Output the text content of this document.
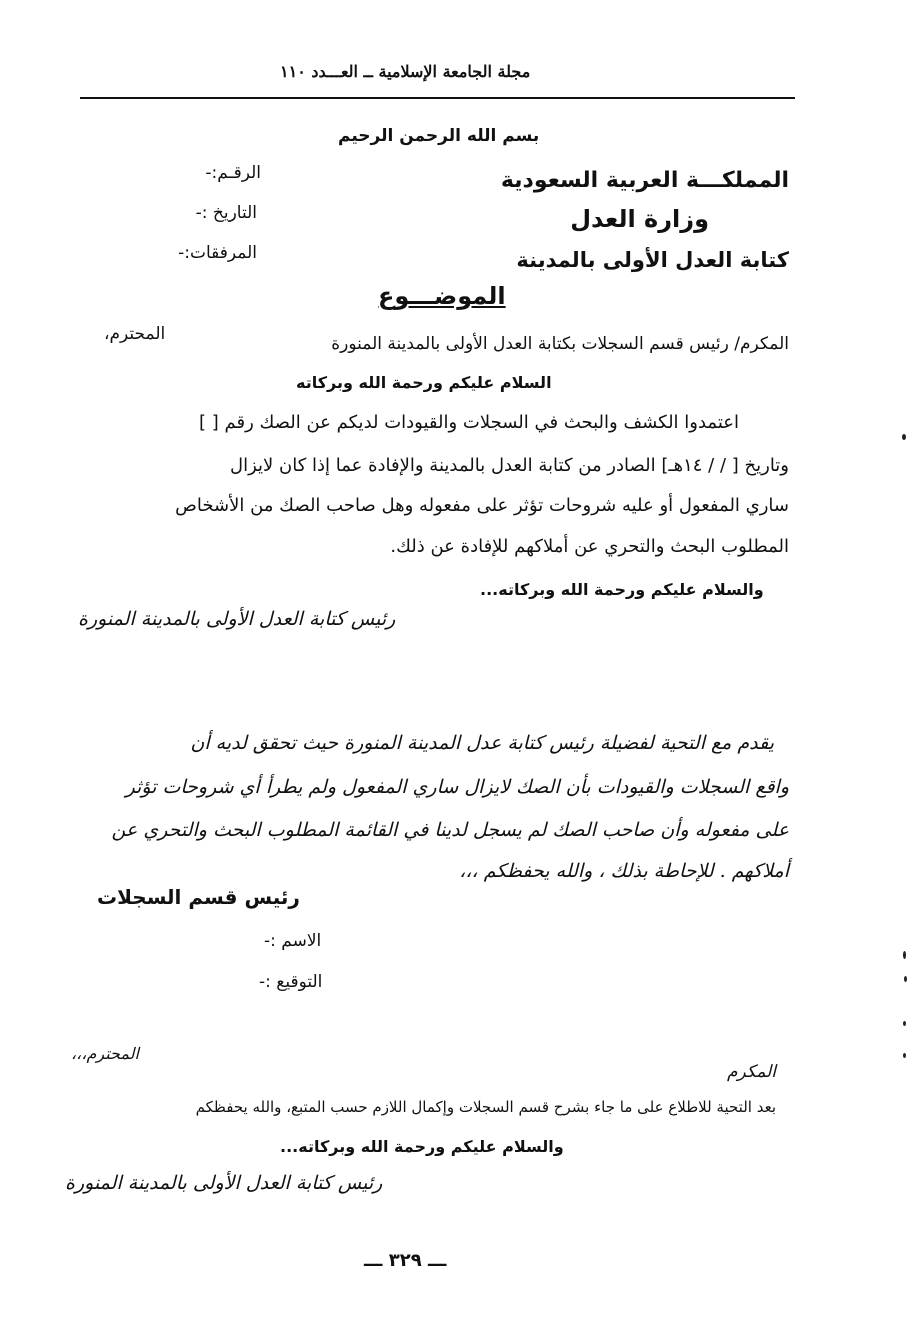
مجلة الجامعة الإسلامية ــ العـــدد ١١٠
بسم الله الرحمن الرحيم
المملكـــة العربية السعودية
وزارة العدل
كتابة العدل الأولى بالمدينة
الرقـم:-
التاريخ :-
المرفقات:-
الموضـــوع
المكرم/ رئيس قسم السجلات بكتابة العدل الأولى بالمدينة المنورة
المحترم،
السلام عليكم ورحمة الله وبركاته
اعتمدوا الكشف والبحث في السجلات والقيودات لديكم عن الصك رقم [ ]
وتاريخ [ / / ١٤هـ] الصادر من كتابة العدل بالمدينة والإفادة عما إذا كان لايزال
ساري المفعول أو عليه شروحات تؤثر على مفعوله وهل صاحب الصك من الأشخاص
المطلوب البحث والتحري عن أملاكهم للإفادة عن ذلك.
والسلام عليكم ورحمة الله وبركاته...
رئيس كتابة العدل الأولى بالمدينة المنورة
يقدم مع التحية لفضيلة رئيس كتابة عدل المدينة المنورة حيث تحقق لديه أن
واقع السجلات والقيودات بأن الصك لايزال ساري المفعول ولم يطرأ أي شروحات تؤثر
على مفعوله وأن صاحب الصك لم يسجل لدينا في القائمة المطلوب البحث والتحري عن
أملاكهم . للإحاطة بذلك ، والله يحفظكم ،،،
رئيس قسم السجلات
الاسم :-
التوقيع :-
المكرم
المحترم،،،
بعد التحية للاطلاع على ما جاء بشرح قسم السجلات وإكمال اللازم حسب المتبع، والله يحفظكم
والسلام عليكم ورحمة الله وبركاته...
رئيس كتابة العدل الأولى بالمدينة المنورة
ـــ ٣٢٩ ـــ
